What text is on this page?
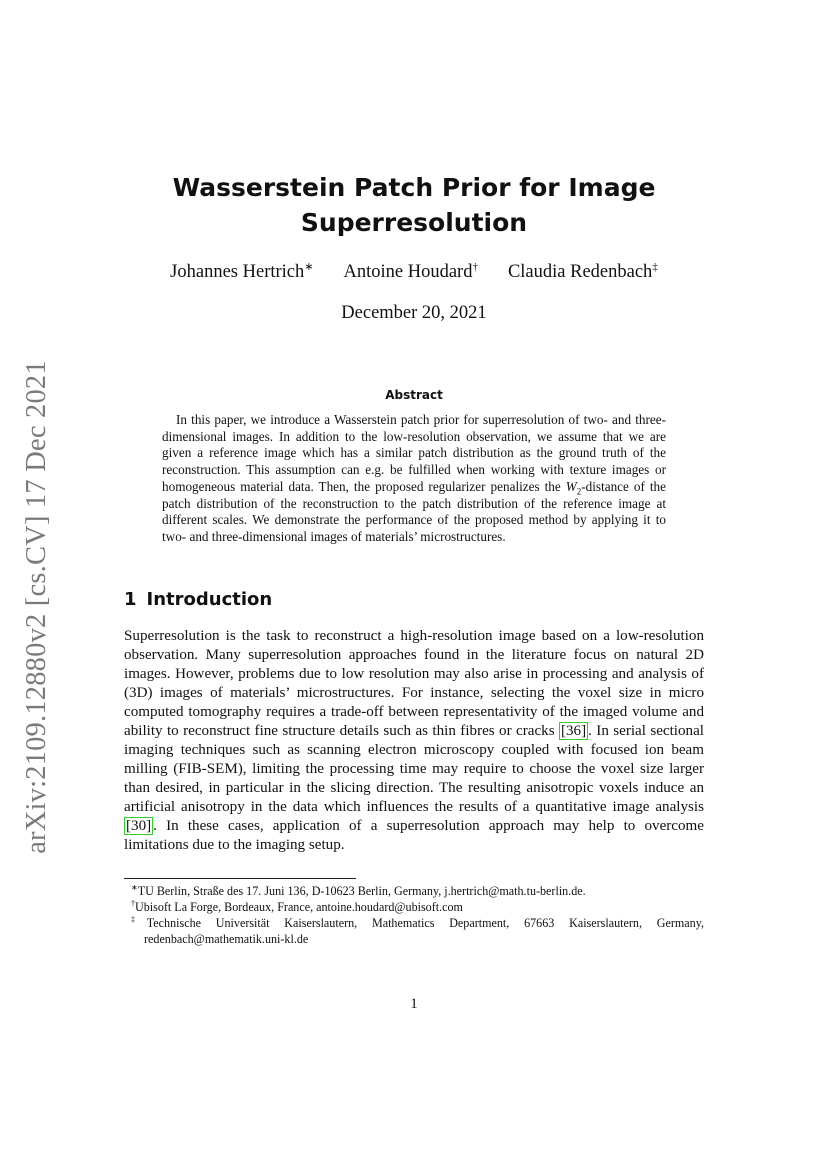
arXiv:2109.12880v2 [cs.CV] 17 Dec 2021
Wasserstein Patch Prior for Image Superresolution
Johannes Hertrich∗ Antoine Houdard† Claudia Redenbach‡

December 20, 2021

Abstract

In this paper, we introduce a Wasserstein patch prior for superresolution of two- and three-dimensional images. In addition to the low-resolution observation, we assume that we are given a reference image which has a similar patch distribution as the ground truth of the reconstruction. This assumption can e.g. be fulfilled when working with texture images or homogeneous material data. Then, the proposed regularizer penalizes the $W_2$-distance of the patch distribution of the reconstruction to the patch distribution of the reference image at different scales. We demonstrate the performance of the proposed method by applying it to two- and three-dimensional images of materials’ microstructures.

1 Introduction

Superresolution is the task to reconstruct a high-resolution image based on a low-resolution observation. Many superresolution approaches found in the literature focus on natural 2D images. However, problems due to low resolution may also arise in processing and analysis of (3D) images of materials’ microstructures. For instance, selecting the voxel size in micro computed tomography requires a trade-off between representativity of the imaged volume and ability to reconstruct fine structure details such as thin fibres or cracks [36] . In serial sectional imaging techniques such as scanning electron microscopy coupled with focused ion beam milling (FIB-SEM), limiting the processing time may require to choose the voxel size larger than desired, in particular in the slicing direction. The resulting anisotropic voxels induce an artificial anisotropy in the data which influences the results of a quantitative image analysis [30] . In these cases, application of a superresolution approach may help to overcome limitations due to the imaging setup.

∗TU Berlin, Straße des 17. Juni 136, D-10623 Berlin, Germany, j.hertrich@math.tu-berlin.de.
†Ubisoft La Forge, Bordeaux, France, antoine.houdard@ubisoft.com
‡Technische Universität Kaiserslautern, Mathematics Department, 67663 Kaiserslautern, Germany, redenbach@mathematik.uni-kl.de

1
